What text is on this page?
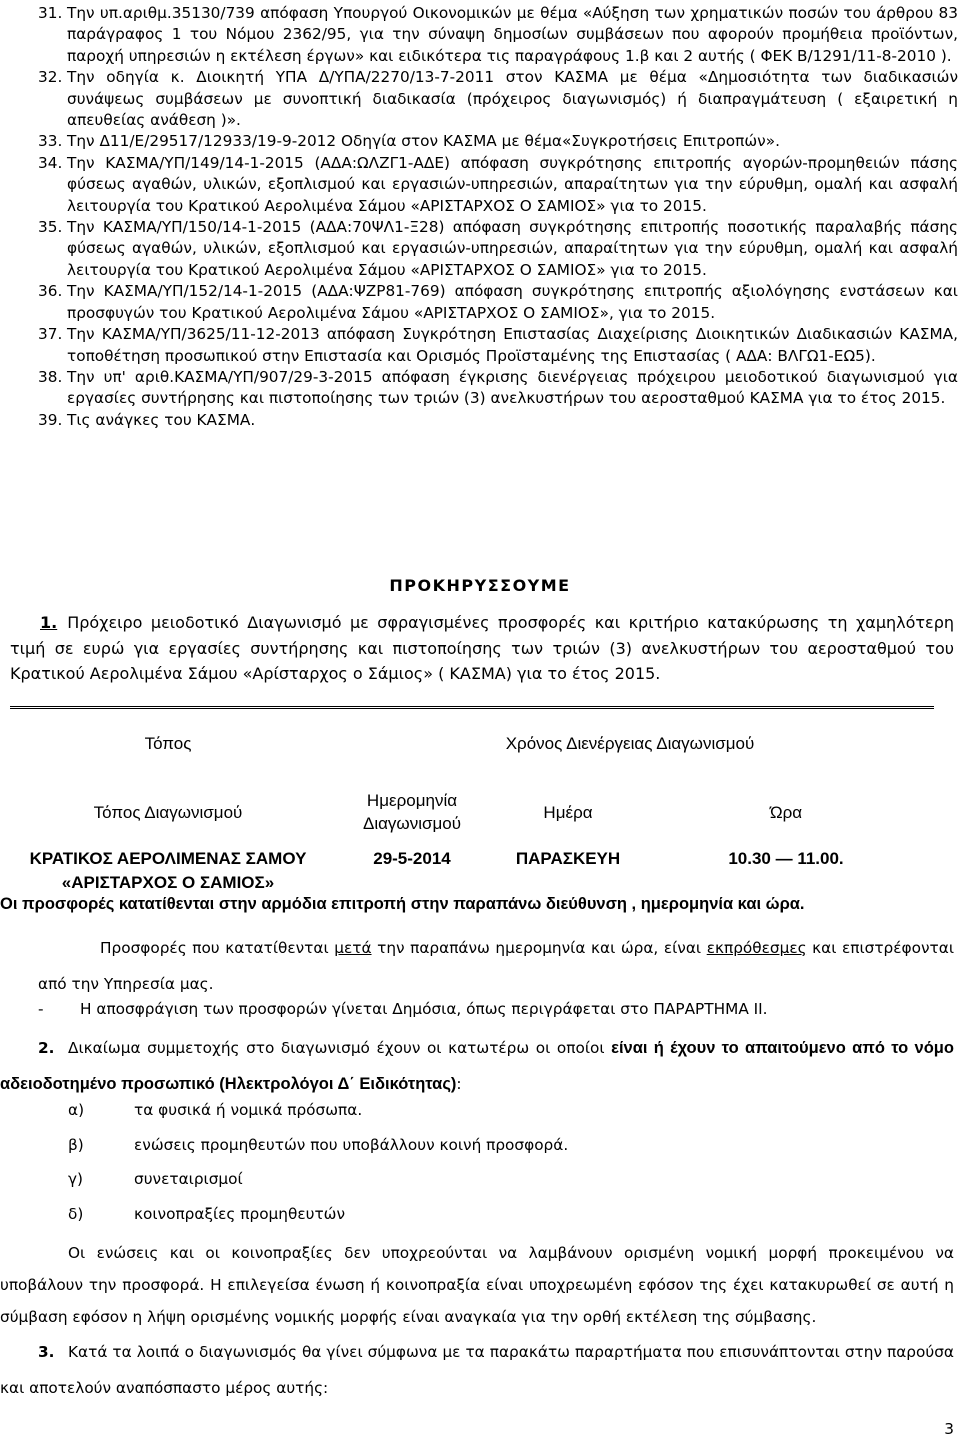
31. Την υπ.αριθμ.35130/739 απόφαση Υπουργού Οικονομικών με θέμα «Αύξηση των χρηματικών ποσών του άρθρου 83 παράγραφος 1 του Νόμου 2362/95, για την σύναψη δημοσίων συμβάσεων που αφορούν προμήθεια προϊόντων, παροχή υπηρεσιών η εκτέλεση έργων» και ειδικότερα τις παραγράφους 1.β και 2 αυτής ( ΦΕΚ Β/1291/11-8-2010 ).
32. Την οδηγία κ. Διοικητή ΥΠΑ Δ/ΥΠΑ/2270/13-7-2011 στον ΚΑΣΜΑ με θέμα «Δημοσιότητα των διαδικασιών συνάψεως συμβάσεων με συνοπτική διαδικασία (πρόχειρος διαγωνισμός) ή διαπραγμάτευση ( εξαιρετική η απευθείας ανάθεση )».
33. Την Δ11/Ε/29517/12933/19-9-2012 Οδηγία στον ΚΑΣΜΑ με θέμα«Συγκροτήσεις Επιτροπών».
34. Την ΚΑΣΜΑ/ΥΠ/149/14-1-2015 (ΑΔΑ:ΩΛΖΓ1-ΑΔΕ) απόφαση συγκρότησης επιτροπής αγορών-προμηθειών πάσης φύσεως αγαθών, υλικών, εξοπλισμού και εργασιών-υπηρεσιών, απαραίτητων για την εύρυθμη, ομαλή και ασφαλή λειτουργία του Κρατικού Αερολιμένα Σάμου «ΑΡΙΣΤΑΡΧΟΣ Ο ΣΑΜΙΟΣ» για το 2015.
35. Την ΚΑΣΜΑ/ΥΠ/150/14-1-2015 (ΑΔΑ:70ΨΛ1-Ξ28) απόφαση συγκρότησης επιτροπής ποσοτικής παραλαβής πάσης φύσεως αγαθών, υλικών, εξοπλισμού και εργασιών-υπηρεσιών, απαραίτητων για την εύρυθμη, ομαλή και ασφαλή λειτουργία του Κρατικού Αερολιμένα Σάμου «ΑΡΙΣΤΑΡΧΟΣ Ο ΣΑΜΙΟΣ» για το 2015.
36. Την ΚΑΣΜΑ/ΥΠ/152/14-1-2015 (ΑΔΑ:ΨΖΡ81-769) απόφαση συγκρότησης επιτροπής αξιολόγησης ενστάσεων και προσφυγών του Κρατικού Αερολιμένα Σάμου «ΑΡΙΣΤΑΡΧΟΣ Ο ΣΑΜΙΟΣ», για το 2015.
37. Την ΚΑΣΜΑ/ΥΠ/3625/11-12-2013 απόφαση Συγκρότηση Επιστασίας Διαχείρισης Διοικητικών Διαδικασιών ΚΑΣΜΑ, τοποθέτηση προσωπικού στην Επιστασία και Ορισμός Προϊσταμένης της Επιστασίας ( ΑΔΑ: ΒΛΓΩ1-ΕΩ5).
38. Την υπ' αριθ.ΚΑΣΜΑ/ΥΠ/907/29-3-2015 απόφαση έγκρισης διενέργειας πρόχειρου μειοδοτικού διαγωνισμού για εργασίες συντήρησης και πιστοποίησης των τριών (3) ανελκυστήρων του αεροσταθμού ΚΑΣΜΑ για το έτος 2015.
39. Τις ανάγκες του ΚΑΣΜΑ.
ΠΡΟΚΗΡΥΣΣΟΥΜΕ
1. Πρόχειρο μειοδοτικό Διαγωνισμό με σφραγισμένες προσφορές και κριτήριο κατακύρωσης τη χαμηλότερη τιμή σε ευρώ για εργασίες συντήρησης και πιστοποίησης των τριών (3) ανελκυστήρων του αεροσταθμού του Κρατικού Αερολιμένα Σάμου «Αρίσταρχος ο Σάμιος» ( ΚΑΣΜΑ) για το έτος 2015.
Τόπος	Χρόνος Διενέργειας Διαγωνισμού		
Τόπος Διαγωνισμού	Ημερομηνία
Διαγωνισμού	Ημέρα	Ώρα
ΚΡΑΤΙΚΟΣ ΑΕΡΟΛΙΜΕΝΑΣ ΣΑΜΟΥ
«ΑΡΙΣΤΑΡΧΟΣ Ο ΣΑΜΙΟΣ»	29-5-2014	ΠΑΡΑΣΚΕΥΗ	10.30 — 11.00.
Οι προσφορές κατατίθενται στην αρμόδια επιτροπή στην παραπάνω διεύθυνση , ημερομηνία και ώρα.
Προσφορές που κατατίθενται μετά την παραπάνω ημερομηνία και ώρα, είναι εκπρόθεσμες και επιστρέφονται από την Υπηρεσία μας.
- Η αποσφράγιση των προσφορών γίνεται Δημόσια, όπως περιγράφεται στο ΠΑΡΑΡΤΗΜΑ ΙΙ.
2. Δικαίωμα συμμετοχής στο διαγωνισμό έχουν οι κατωτέρω οι οποίοι είναι ή έχουν το απαιτούμενο από το νόμο αδειοδοτημένο προσωπικό (Ηλεκτρολόγοι Δ΄ Ειδικότητας):
α)	τα φυσικά ή νομικά πρόσωπα.
β)	ενώσεις προμηθευτών που υποβάλλουν κοινή προσφορά.
γ)	συνεταιρισμοί
δ)	κοινοπραξίες προμηθευτών
Οι ενώσεις και οι κοινοπραξίες δεν υποχρεούνται να λαμβάνουν ορισμένη νομική μορφή προκειμένου να υποβάλουν την προσφορά. Η επιλεγείσα ένωση ή κοινοπραξία είναι υποχρεωμένη εφόσον της έχει κατακυρωθεί σε αυτή η σύμβαση εφόσον η λήψη ορισμένης νομικής μορφής είναι αναγκαία για την ορθή εκτέλεση της σύμβασης.
3. Κατά τα λοιπά ο διαγωνισμός θα γίνει σύμφωνα με τα παρακάτω παραρτήματα που επισυνάπτονται στην παρούσα και αποτελούν αναπόσπαστο μέρος αυτής:
3
